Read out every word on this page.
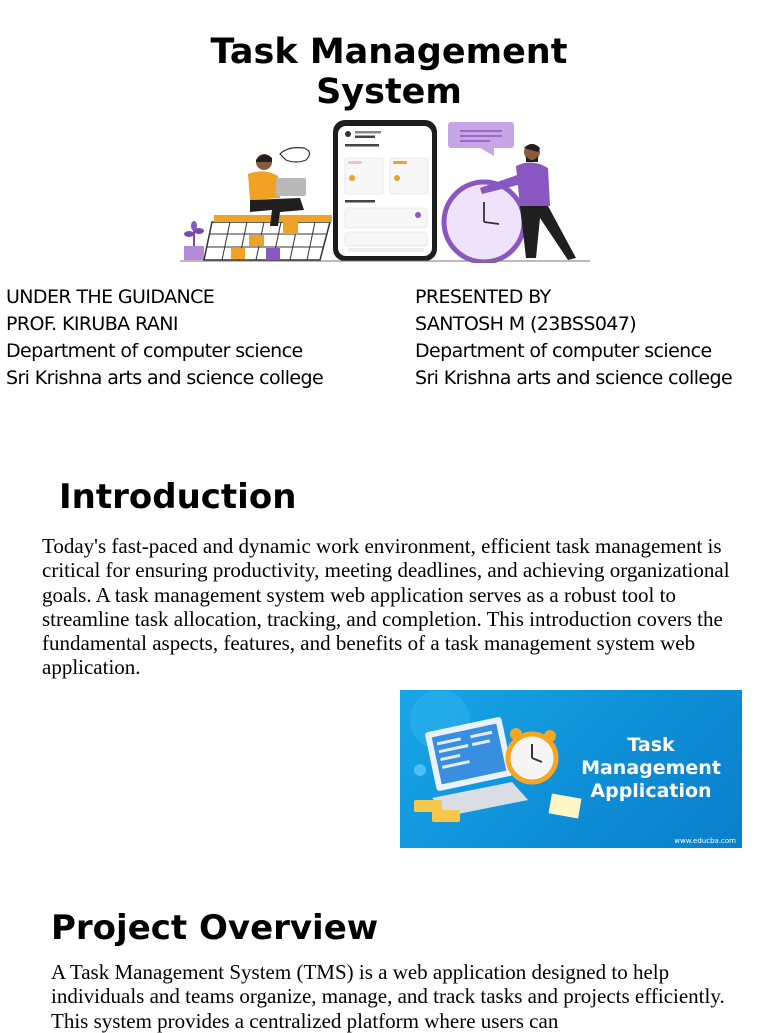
Task Management
System
UNDER THE GUIDANCE
PROF. KIRUBA RANI
Department of computer science
Sri Krishna arts and science college
PRESENTED BY
SANTOSH M (23BSS047)
Department of computer science
Sri Krishna arts and science college
Introduction

Today's fast-paced and dynamic work environment, efficient task management is critical for ensuring productivity, meeting deadlines, and achieving organizational goals. A task management system web application serves as a robust tool to streamline task allocation, tracking, and completion. This introduction covers the fundamental aspects, features, and benefits of a task management system web application.

Task
Management
Application
www.educba.com
Project Overview

A Task Management System (TMS) is a web application designed to help individuals and teams organize, manage, and track tasks and projects efficiently. This system provides a centralized platform where users can
